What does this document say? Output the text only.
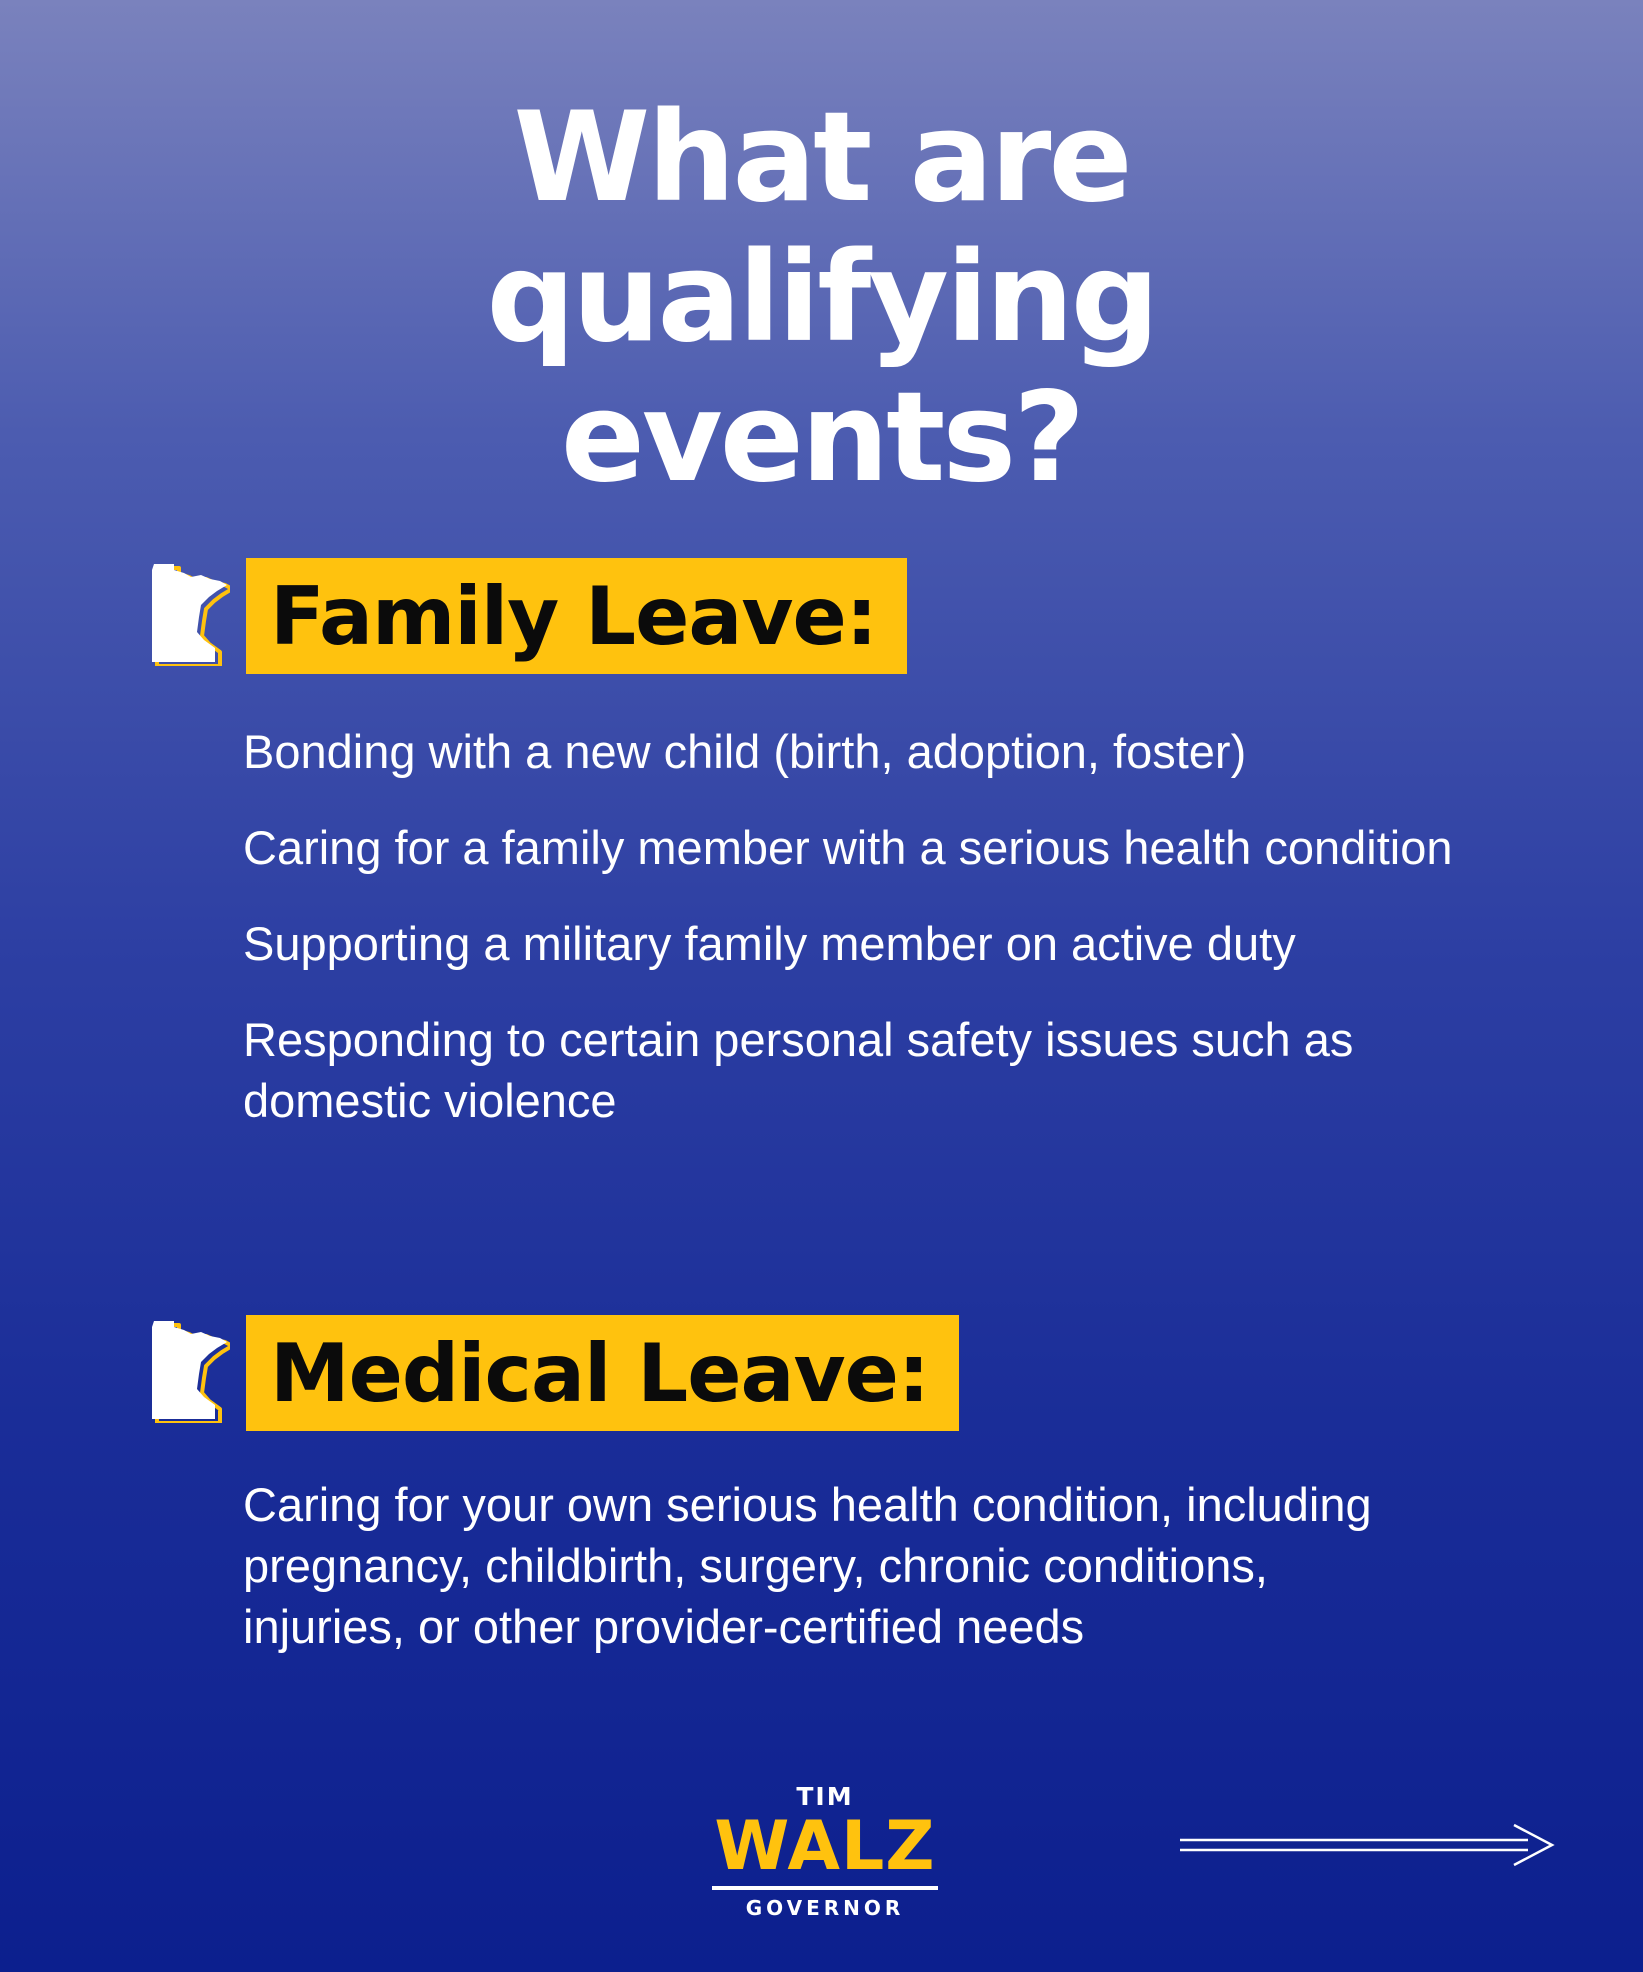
What are
qualifying
events?
Family Leave:
Bonding with a new child (birth, adoption, foster)
Caring for a family member with a serious health condition
Supporting a military family member on active duty
Responding to certain personal safety issues such as domestic violence
Medical Leave:
Caring for your own serious health condition, including pregnancy, childbirth, surgery, chronic conditions, injuries, or other provider-certified needs
TIM
WALZ
GOVERNOR
